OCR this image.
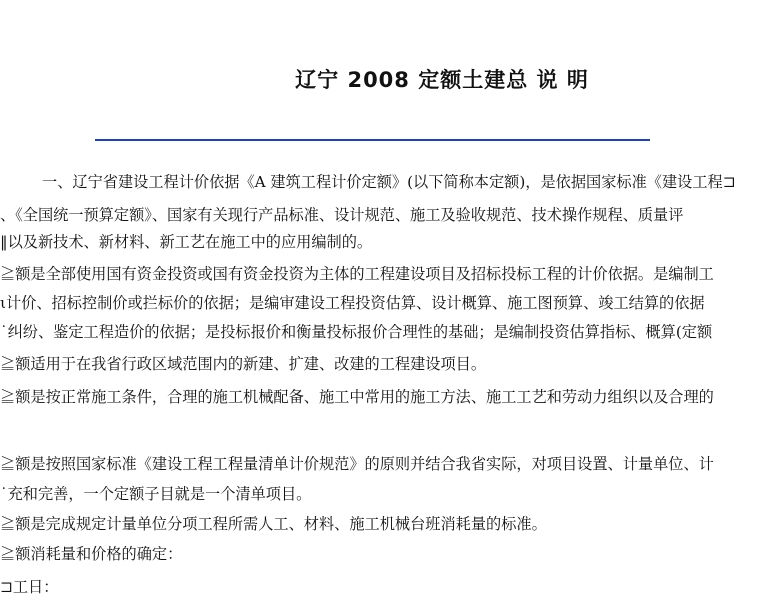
辽宁 2008 定额土建总 说 明
一、辽宁省建设工程计价依据《A 建筑工程计价定额》(以下简称本定额)，是依据国家标准《建设工程⊐
、《全国统一预算定额》、国家有关现行产品标准、设计规范、施工及验收规范、技术操作规程、质量评
‖以及新技术、新材料、新工艺在施工中的应用编制的。
≧额是全部使用国有资金投资或国有资金投资为主体的工程建设项目及招标投标工程的计价依据。是编制工
ι计价、招标控制价或拦标价的依据；是编审建设工程投资估算、设计概算、施工图预算、竣工结算的依据
˙纠纷、鉴定工程造价的依据；是投标报价和衡量投标报价合理性的基础；是编制投资估算指标、概算(定额
≧额适用于在我省行政区域范围内的新建、扩建、改建的工程建设项目。
≧额是按正常施工条件，合理的施工机械配备、施工中常用的施工方法、施工工艺和劳动力组织以及合理的
≧额是按照国家标准《建设工程工程量清单计价规范》的原则并结合我省实际，对项目设置、计量单位、计
˙充和完善，一个定额子目就是一个清单项目。
≧额是完成规定计量单位分项工程所需人工、材料、施工机械台班消耗量的标准。
≧额消耗量和价格的确定：
⊐工日：
